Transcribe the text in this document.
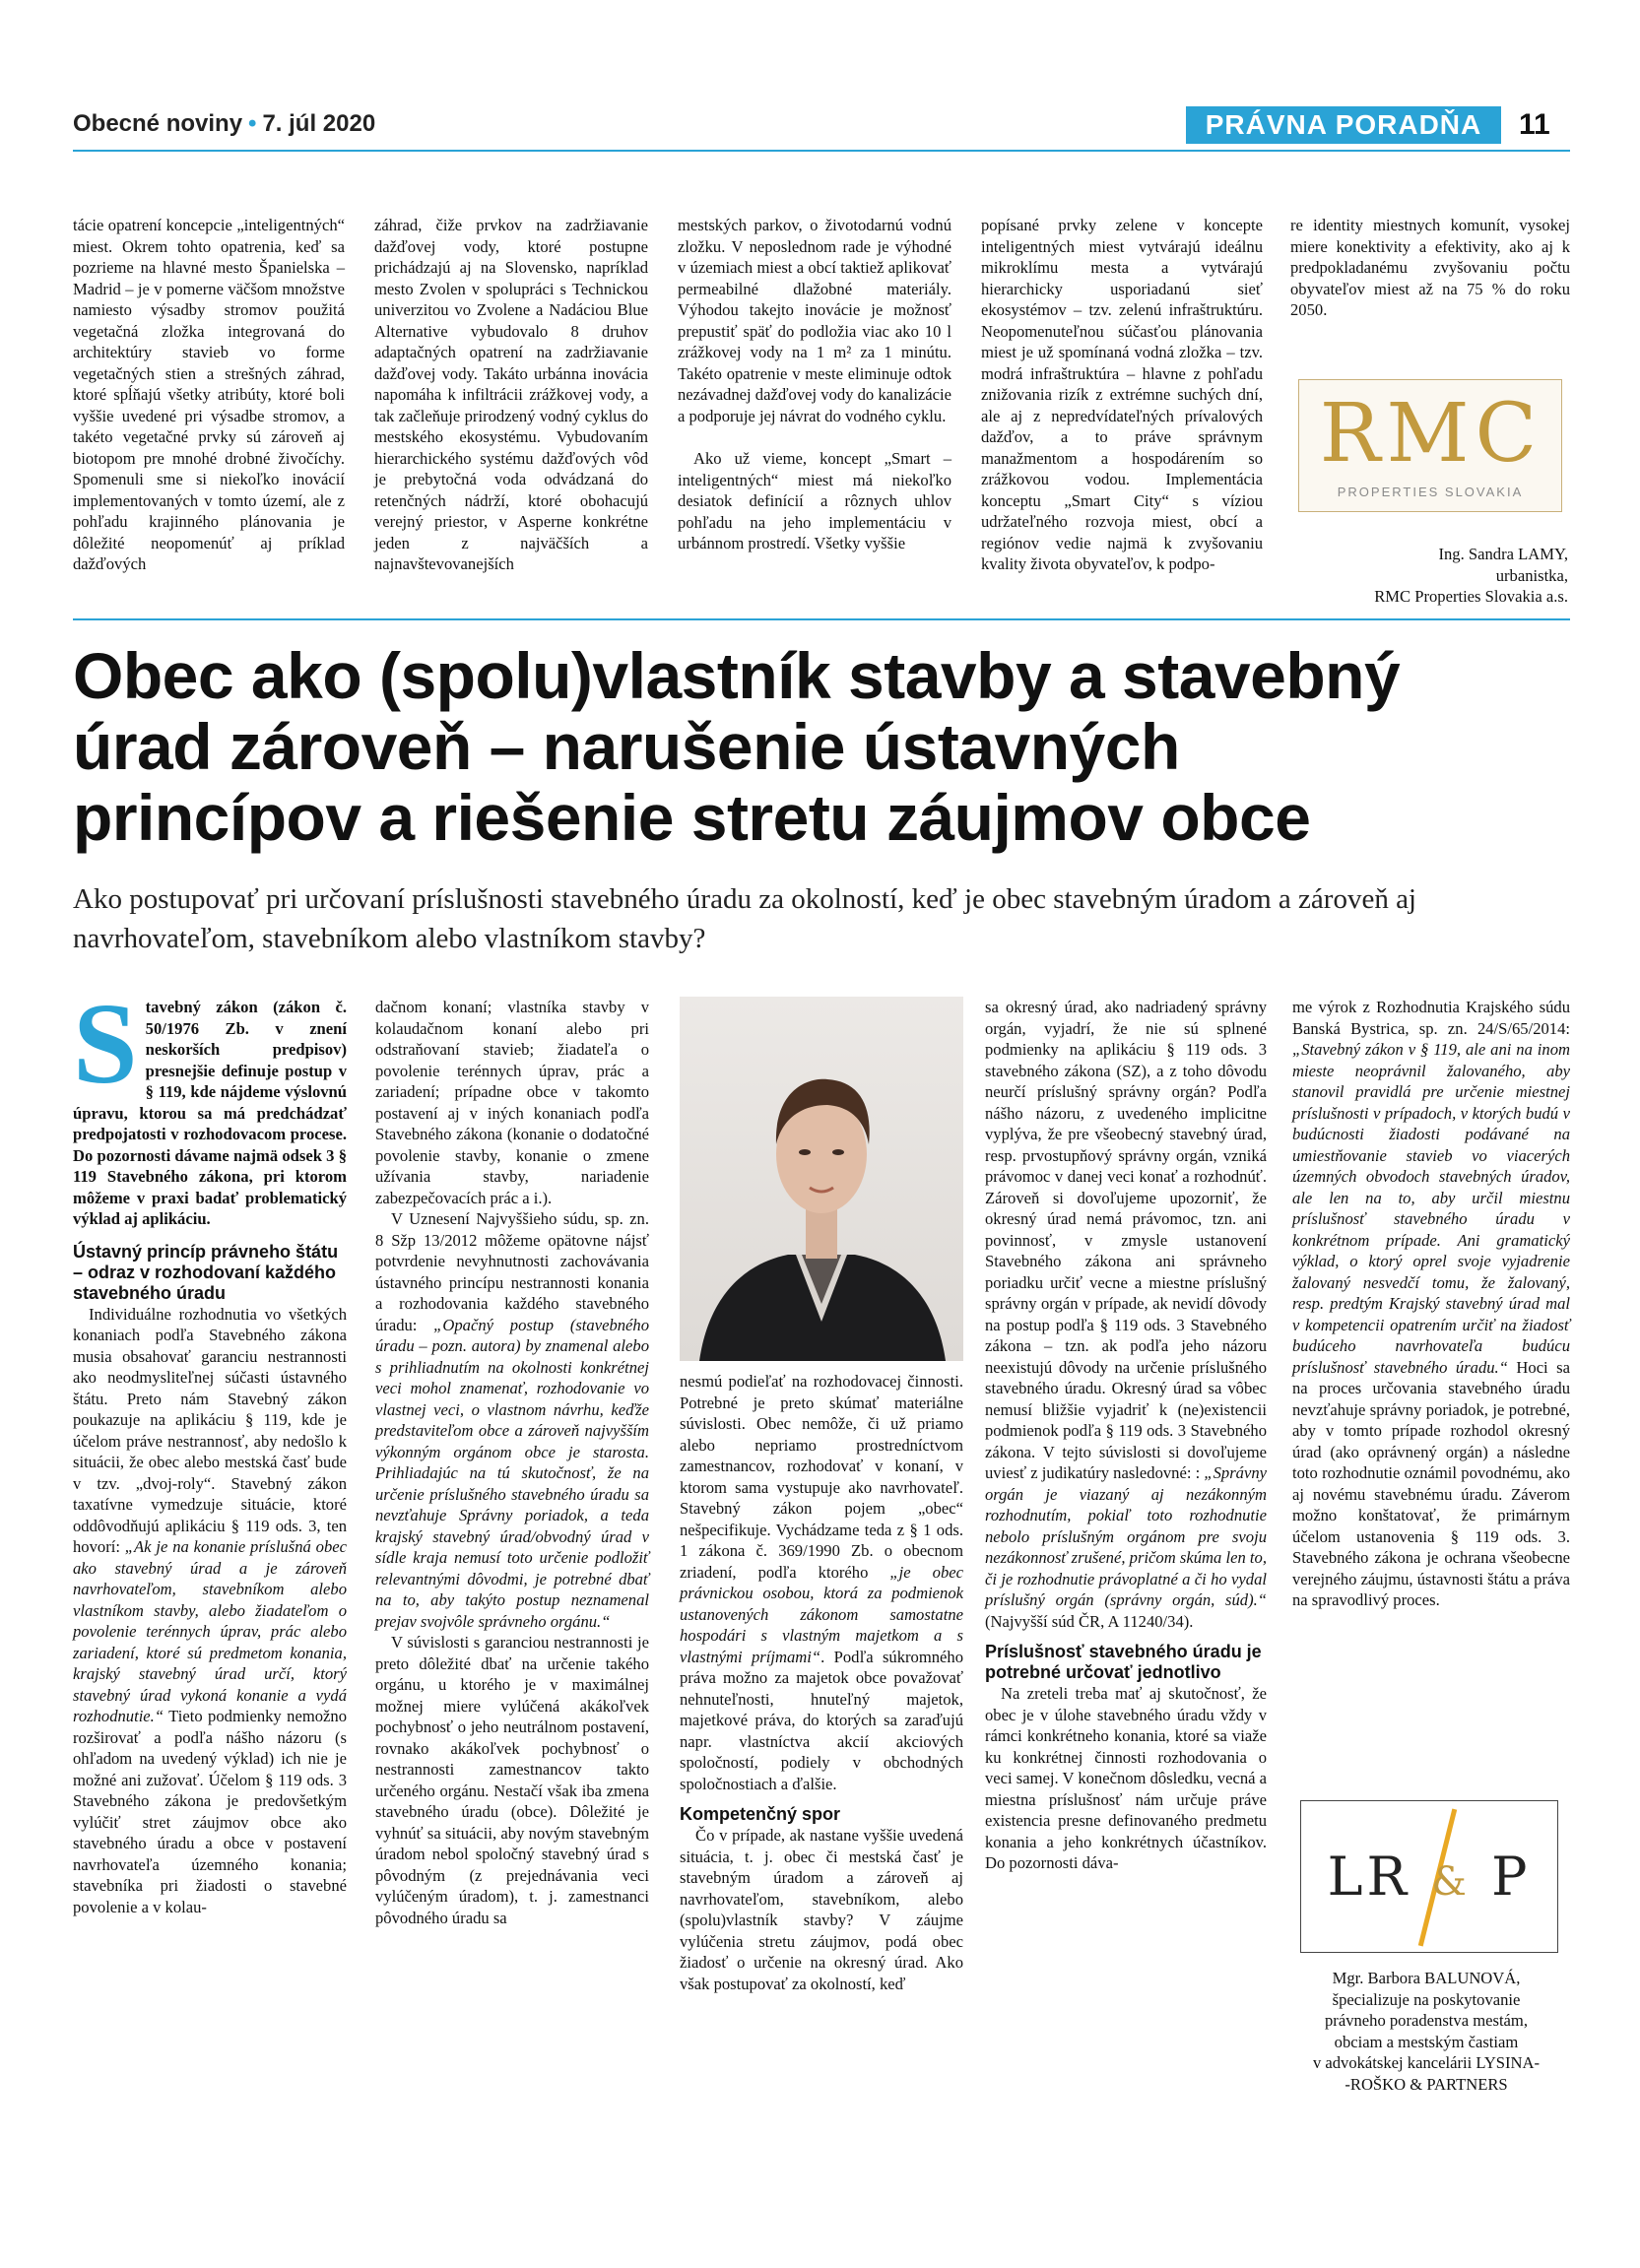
Obecné noviny • 7. júl 2020	PRÁVNA PORADŇA	11

tácie opatrení koncepcie „inteligentných“ miest. Okrem tohto opatrenia, keď sa pozrieme na hlavné mesto Španielska – Madrid – je v pomerne väčšom množstve namiesto výsadby stromov použitá vegetačná zložka integrovaná do architektúry stavieb vo forme vegetačných stien a strešných záhrad, ktoré spĺňajú všetky atribúty, ktoré boli vyššie uvedené pri výsadbe stromov, a takéto vegetačné prvky sú zároveň aj biotopom pre mnohé drobné živočíchy. Spomenuli sme si niekoľko inovácií implementovaných v tomto území, ale z pohľadu krajinného plánovania je dôležité neopomenúť aj príklad dažďových

záhrad, čiže prvkov na zadržiavanie dažďovej vody, ktoré postupne prichádzajú aj na Slovensko, napríklad mesto Zvolen v spolupráci s Technickou univerzitou vo Zvolene a Nadáciou Blue Alternative vybudovalo 8 druhov adaptačných opatrení na zadržiavanie dažďovej vody. Takáto urbánna inovácia napomáha k infiltrácii zrážkovej vody, a tak začleňuje prirodzený vodný cyklus do mestského ekosystému. Vybudovaním hierarchického systému dažďových vôd je prebytočná voda odvádzaná do retenčných nádrží, ktoré obohacujú verejný priestor, v Asperne konkrétne jeden z najväčších a najnavštevovanejších

mestských parkov, o životodarnú vodnú zložku. V neposlednom rade je výhodné v územiach miest a obcí taktiež aplikovať permeabilné dlažobné materiály. Výhodou takejto inovácie je možnosť prepustiť späť do podložia viac ako 10 l zrážkovej vody na 1 m² za 1 minútu. Takéto opatrenie v meste eliminuje odtok nezávadnej dažďovej vody do kanalizácie a podporuje jej návrat do vodného cyklu.

Ako už vieme, koncept „Smart – inteligentných“ miest má niekoľko desiatok definícií a rôznych uhlov pohľadu na jeho implementáciu v urbánnom prostredí. Všetky vyššie

popísané prvky zelene v koncepte inteligentných miest vytvárajú ideálnu mikroklímu mesta a vytvárajú hierarchicky usporiadanú sieť ekosystémov – tzv. zelenú infraštruktúru. Neopomenuteľnou súčasťou plánovania miest je už spomínaná vodná zložka – tzv. modrá infraštruktúra – hlavne z pohľadu znižovania rizík z extrémne suchých dní, ale aj z nepredvídateľných prívalových dažďov, a to práve správnym manažmentom a hospodárením so zrážkovou vodou. Implementácia konceptu „Smart City“ s víziou udržateľného rozvoja miest, obcí a regiónov vedie najmä k zvyšovaniu kvality života obyvateľov, k podpo-

re identity miestnych komunít, vysokej miere konektivity a efektivity, ako aj k predpokladanému zvyšovaniu počtu obyvateľov miest až na 75 % do roku 2050.

RMC
PROPERTIES SLOVAKIA
Ing. Sandra LAMY,
urbanistka,
RMC Properties Slovakia a.s.
Obec ako (spolu)vlastník stavby a stavebný
úrad zároveň – narušenie ústavných
princípov a riešenie stretu záujmov obce
Ako postupovať pri určovaní príslušnosti stavebného úradu za okolností, keď je obec stavebným úradom a zároveň aj navrhovateľom, stavebníkom alebo vlastníkom stavby?

Stavebný zákon (zákon č. 50/1976 Zb. v znení neskorších predpisov) presnejšie definuje postup v § 119, kde nájdeme výslovnú úpravu, ktorou sa má predchádzať predpojatosti v rozhodovacom procese. Do pozornosti dávame najmä odsek 3 § 119 Stavebného zákona, pri ktorom môžeme v praxi badať problematický výklad aj aplikáciu.

Ústavný princíp právneho štátu – odraz v rozhodovaní každého stavebného úradu

Individuálne rozhodnutia vo všetkých konaniach podľa Stavebného zákona musia obsahovať garanciu nestrannosti ako neodmysliteľnej súčasti ústavného štátu. Preto nám Stavebný zákon poukazuje na aplikáciu § 119, kde je účelom práve nestrannosť, aby nedošlo k situácii, že obec alebo mestská časť bude v tzv. „dvoj-roly“. Stavebný zákon taxatívne vymedzuje situácie, ktoré oddôvodňujú aplikáciu § 119 ods. 3, ten hovorí: „Ak je na konanie príslušná obec ako stavebný úrad a je zároveň navrhovateľom, stavebníkom alebo vlastníkom stavby, alebo žiadateľom o povolenie terénnych úprav, prác alebo zariadení, ktoré sú predmetom konania, krajský stavebný úrad určí, ktorý stavebný úrad vykoná konanie a vydá rozhodnutie.“ Tieto podmienky nemožno rozširovať a podľa nášho názoru (s ohľadom na uvedený výklad) ich nie je možné ani zužovať. Účelom § 119 ods. 3 Stavebného zákona je predovšetkým vylúčiť stret záujmov obce ako stavebného úradu a obce v postavení navrhovateľa územného konania; stavebníka pri žiadosti o stavebné povolenie a v kolau-

dačnom konaní; vlastníka stavby v kolaudačnom konaní alebo pri odstraňovaní stavieb; žiadateľa o povolenie terénnych úprav, prác a zariadení; prípadne obce v takomto postavení aj v iných konaniach podľa Stavebného zákona (konanie o dodatočné povolenie stavby, konanie o zmene užívania stavby, nariadenie zabezpečovacích prác a i.).

V Uznesení Najvyššieho súdu, sp. zn. 8 Sžp 13/2012 môžeme opätovne nájsť potvrdenie nevyhnutnosti zachovávania ústavného princípu nestrannosti konania a rozhodovania každého stavebného úradu: „Opačný postup (stavebného úradu – pozn. autora) by znamenal alebo s prihliadnutím na okolnosti konkrétnej veci mohol znamenať, rozhodovanie vo vlastnej veci, o vlastnom návrhu, keďže predstaviteľom obce a zároveň najvyšším výkonným orgánom obce je starosta. Prihliadajúc na tú skutočnosť, že na určenie príslušného stavebného úradu sa nevzťahuje Správny poriadok, a teda krajský stavebný úrad/obvodný úrad v sídle kraja nemusí toto určenie podložiť relevantnými dôvodmi, je potrebné dbať na to, aby takýto postup neznamenal prejav svojvôle správneho orgánu.“

V súvislosti s garanciou nestrannosti je preto dôležité dbať na určenie takého orgánu, u ktorého je v maximálnej možnej miere vylúčená akákoľvek pochybnosť o jeho neutrálnom postavení, rovnako akákoľvek pochybnosť o nestrannosti zamestnancov takto určeného orgánu. Nestačí však iba zmena stavebného úradu (obce). Dôležité je vyhnúť sa situácii, aby novým stavebným úradom nebol spoločný stavebný úrad s pôvodným (z prejednávania veci vylúčeným úradom), t. j. zamestnanci pôvodného úradu sa

nesmú podieľať na rozhodovacej činnosti. Potrebné je preto skúmať materiálne súvislosti. Obec nemôže, či už priamo alebo nepriamo prostredníctvom zamestnancov, rozhodovať v konaní, v ktorom sama vystupuje ako navrhovateľ. Stavebný zákon pojem „obec“ nešpecifikuje. Vychádzame teda z § 1 ods. 1 zákona č. 369/1990 Zb. o obecnom zriadení, podľa ktorého „je obec právnickou osobou, ktorá za podmienok ustanovených zákonom samostatne hospodári s vlastným majetkom a s vlastnými príjmami“. Podľa súkromného práva možno za majetok obce považovať nehnuteľnosti, hnuteľný majetok, majetkové práva, do ktorých sa zaraďujú napr. vlastníctva akcií akciových spoločností, podiely v obchodných spoločnostiach a ďalšie.

Kompetenčný spor

Čo v prípade, ak nastane vyššie uvedená situácia, t. j. obec či mestská časť je stavebným úradom a zároveň aj navrhovateľom, stavebníkom, alebo (spolu)vlastník stavby? V záujme vylúčenia stretu záujmov, podá obec žiadosť o určenie na okresný úrad. Ako však postupovať za okolností, keď

sa okresný úrad, ako nadriadený správny orgán, vyjadrí, že nie sú splnené podmienky na aplikáciu § 119 ods. 3 stavebného zákona (SZ), a z toho dôvodu neurčí príslušný správny orgán? Podľa nášho názoru, z uvedeného implicitne vyplýva, že pre všeobecný stavebný úrad, resp. prvostupňový správny orgán, vzniká právomoc v danej veci konať a rozhodnúť. Zároveň si dovoľujeme upozorniť, že okresný úrad nemá právomoc, tzn. ani povinnosť, v zmysle ustanovení Stavebného zákona ani správneho poriadku určiť vecne a miestne príslušný správny orgán v prípade, ak nevidí dôvody na postup podľa § 119 ods. 3 Stavebného zákona – tzn. ak podľa jeho názoru neexistujú dôvody na určenie príslušného stavebného úradu. Okresný úrad sa vôbec nemusí bližšie vyjadriť k (ne)existencii podmienok podľa § 119 ods. 3 Stavebného zákona. V tejto súvislosti si dovoľujeme uviesť z judikatúry nasledovné: : „Správny orgán je viazaný aj nezákonným rozhodnutím, pokiaľ toto rozhodnutie nebolo príslušným orgánom pre svoju nezákonnosť zrušené, pričom skúma len to, či je rozhodnutie právoplatné a či ho vydal príslušný orgán (správny orgán, súd).“ (Najvyšší súd ČR, A 11240/34).

Príslušnosť stavebného úradu je potrebné určovať jednotlivo

Na zreteli treba mať aj skutočnosť, že obec je v úlohe stavebného úradu vždy v rámci konkrétneho konania, ktoré sa viaže ku konkrétnej činnosti rozhodovania o veci samej. V konečnom dôsledku, vecná a miestna príslušnosť nám určuje práve existencia presne definovaného predmetu konania a jeho konkrétnych účastníkov. Do pozornosti dáva-

me výrok z Rozhodnutia Krajského súdu Banská Bystrica, sp. zn. 24/S/65/2014: „Stavebný zákon v § 119, ale ani na inom mieste neoprávnil žalovaného, aby stanovil pravidlá pre určenie miestnej príslušnosti v prípadoch, v ktorých budú v budúcnosti žiadosti podávané na umiestňovanie stavieb vo viacerých územných obvodoch stavebných úradov, ale len na to, aby určil miestnu príslušnosť stavebného úradu v konkrétnom prípade. Ani gramatický výklad, o ktorý oprel svoje vyjadrenie žalovaný nesvedčí tomu, že žalovaný, resp. predtým Krajský stavebný úrad mal v kompetencii opatrením určiť na žiadosť budúceho navrhovateľa budúcu príslušnosť stavebného úradu.“ Hoci sa na proces určovania stavebného úradu nevzťahuje správny poriadok, je potrebné, aby v tomto prípade rozhodol okresný úrad (ako oprávnený orgán) a následne toto rozhodnutie oznámil povodnému, ako aj novému stavebnému úradu. Záverom možno konštatovať, že primárnym účelom ustanovenia § 119 ods. 3. Stavebného zákona je ochrana všeobecne verejného záujmu, ústavnosti štátu a práva na spravodlivý proces.

LR & P
Mgr. Barbora BALUNOVÁ,
špecializuje na poskytovanie
právneho poradenstva mestám,
obciam a mestským častiam
v advokátskej kancelárii LYSINA-
-ROŠKO & PARTNERS
